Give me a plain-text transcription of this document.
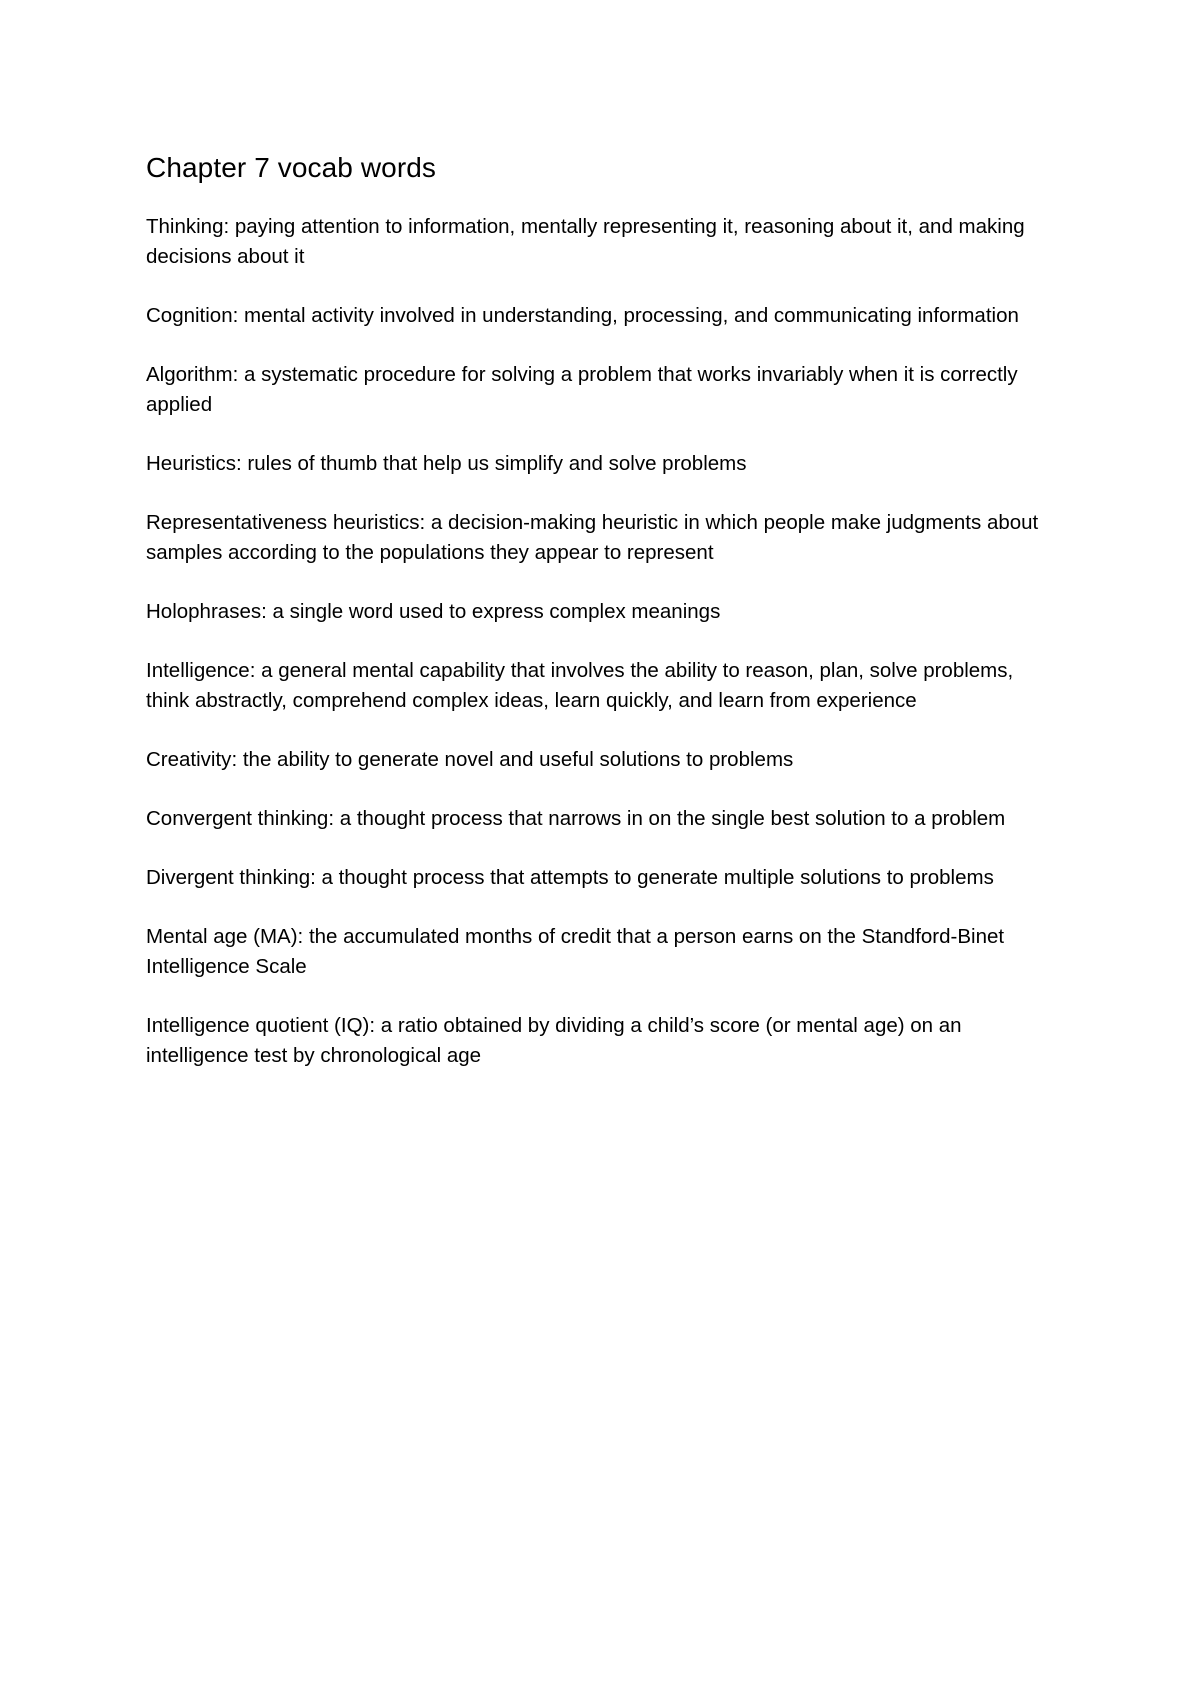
Chapter 7 vocab words
Thinking: paying attention to information, mentally representing it, reasoning about it, and making decisions about it
Cognition: mental activity involved in understanding, processing, and communicating information
Algorithm: a systematic procedure for solving a problem that works invariably when it is correctly applied
Heuristics: rules of thumb that help us simplify and solve problems
Representativeness heuristics: a decision-making heuristic in which people make judgments about samples according to the populations they appear to represent
Holophrases: a single word used to express complex meanings
Intelligence: a general mental capability that involves the ability to reason, plan, solve problems, think abstractly, comprehend complex ideas, learn quickly, and learn from experience
Creativity: the ability to generate novel and useful solutions to problems
Convergent thinking: a thought process that narrows in on the single best solution to a problem
Divergent thinking: a thought process that attempts to generate multiple solutions to problems
Mental age (MA): the accumulated months of credit that a person earns on the Standford-Binet Intelligence Scale
Intelligence quotient (IQ): a ratio obtained by dividing a child’s score (or mental age) on an intelligence test by chronological age
